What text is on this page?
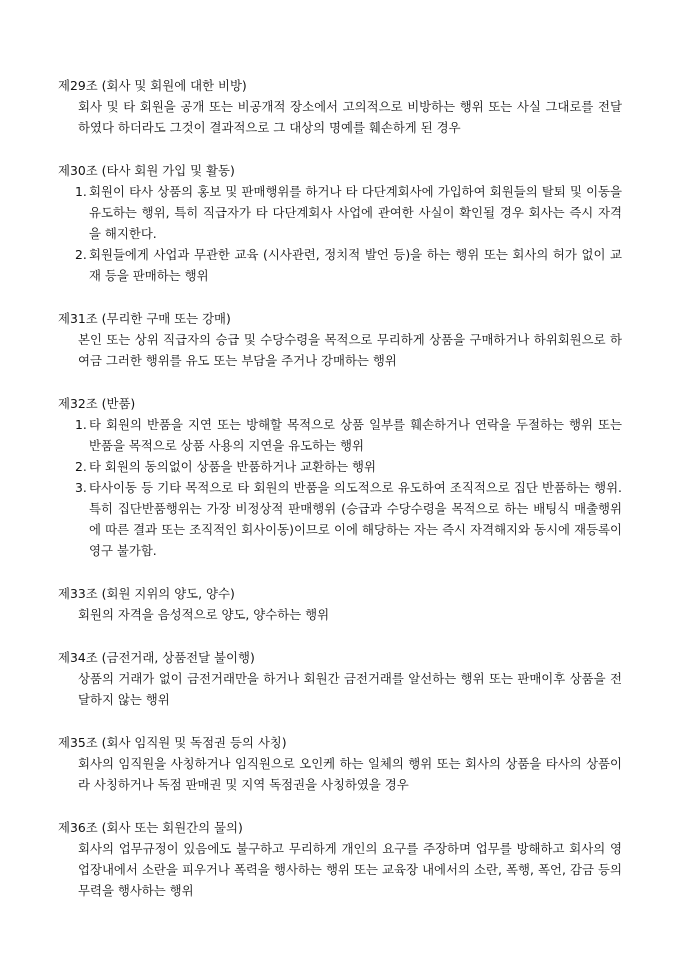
제29조 (회사 및 회원에 대한 비방)

회사 및 타 회원을 공개 또는 비공개적 장소에서 고의적으로 비방하는 행위 또는 사실 그대로를 전달하였다 하더라도 그것이 결과적으로 그 대상의 명예를 훼손하게 된 경우

제30조 (타사 회원 가입 및 활동)

1. 회원이 타사 상품의 홍보 및 판매행위를 하거나 타 다단계회사에 가입하여 회원들의 탈퇴 및 이동을 유도하는 행위, 특히 직급자가 타 다단계회사 사업에 관여한 사실이 확인될 경우 회사는 즉시 자격을 해지한다.
2. 회원들에게 사업과 무관한 교육 (시사관련, 정치적 발언 등)을 하는 행위 또는 회사의 허가 없이 교재 등을 판매하는 행위

제31조 (무리한 구매 또는 강매)

본인 또는 상위 직급자의 승급 및 수당수령을 목적으로 무리하게 상품을 구매하거나 하위회원으로 하여금 그러한 행위를 유도 또는 부담을 주거나 강매하는 행위

제32조 (반품)

1. 타 회원의 반품을 지연 또는 방해할 목적으로 상품 일부를 훼손하거나 연락을 두절하는 행위 또는 반품을 목적으로 상품 사용의 지연을 유도하는 행위
2. 타 회원의 동의없이 상품을 반품하거나 교환하는 행위
3. 타사이동 등 기타 목적으로 타 회원의 반품을 의도적으로 유도하여 조직적으로 집단 반품하는 행위. 특히 집단반품행위는 가장 비정상적 판매행위 (승급과 수당수령을 목적으로 하는 배팅식 매출행위에 따른 결과 또는 조직적인 회사이동)이므로 이에 해당하는 자는 즉시 자격해지와 동시에 재등록이 영구 불가함.

제33조 (회원 지위의 양도, 양수)

회원의 자격을 음성적으로 양도, 양수하는 행위

제34조 (금전거래, 상품전달 불이행)

상품의 거래가 없이 금전거래만을 하거나 회원간 금전거래를 알선하는 행위 또는 판매이후 상품을 전달하지 않는 행위

제35조 (회사 임직원 및 독점권 등의 사칭)

회사의 임직원을 사칭하거나 임직원으로 오인케 하는 일체의 행위 또는 회사의 상품을 타사의 상품이라 사칭하거나 독점 판매권 및 지역 독점권을 사칭하였을 경우

제36조 (회사 또는 회원간의 물의)

회사의 업무규정이 있음에도 불구하고 무리하게 개인의 요구를 주장하며 업무를 방해하고 회사의 영업장내에서 소란을 피우거나 폭력을 행사하는 행위 또는 교육장 내에서의 소란, 폭행, 폭언, 감금 등의 무력을 행사하는 행위
